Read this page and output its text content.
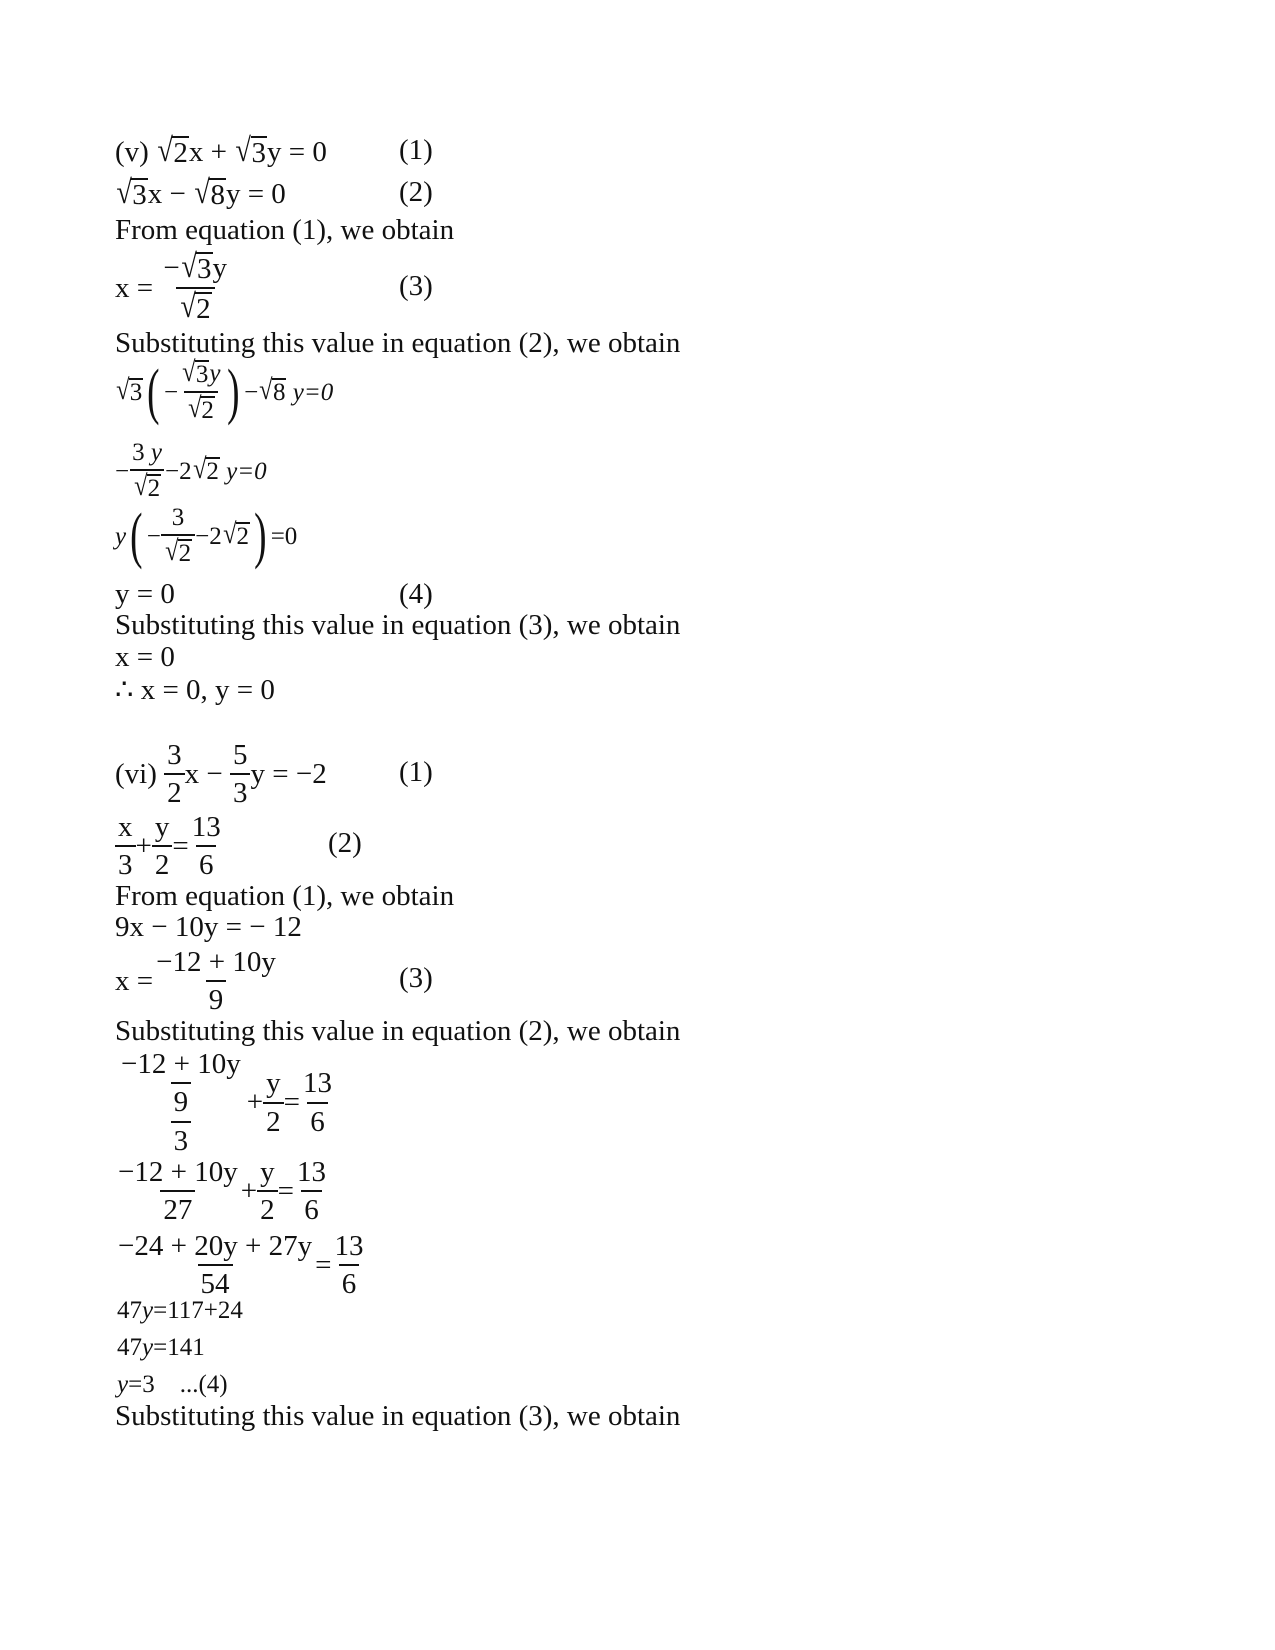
(v) √ 2 x + √ 3 y = 0 (1)
√ 3 x − √ 8 y = 0	(2)
From equation (1), we obtain
x =
$\frac{- √ 3 y}{√ 2}$	(3)
Substituting this value in equation (2), we obtain
√ 3 ( − $\frac{√ 3 y}{√ 2}$ ) − √ 8
y=0
− $\frac{3 y}{√ 2} -2$ √ 2
y=0
y ( − $\frac{3}{√ 2} -2$ √ 2 ) =0
y = 0	(4)
Substituting this value in equation (3), we obtain
x = 0
∴ x = 0, y = 0
(vi)
$\frac{3}{2}$ x −
$\frac{5}{3}$ y = −2 (1)
$\frac{x}{3} + \frac{y}{2} = \frac{13}{6}$	(2)
From equation (1), we obtain
9x − 10y = − 12
$x = \frac{-12 + 10y}{9}$	(3)
Substituting this value in equation (2), we obtain
$\frac{\frac{-12 + 10y}{9}}{3} + \frac{y}{2} = \frac{13}{6}$
$\frac{-12 + 10y}{27} + \frac{y}{2} = \frac{13}{6}$
$\frac{-24 + 20y + 27y}{54} = \frac{13}{6}$
47y=117+24
47y=141
y=3 ...(4)
Substituting this value in equation (3), we obtain
